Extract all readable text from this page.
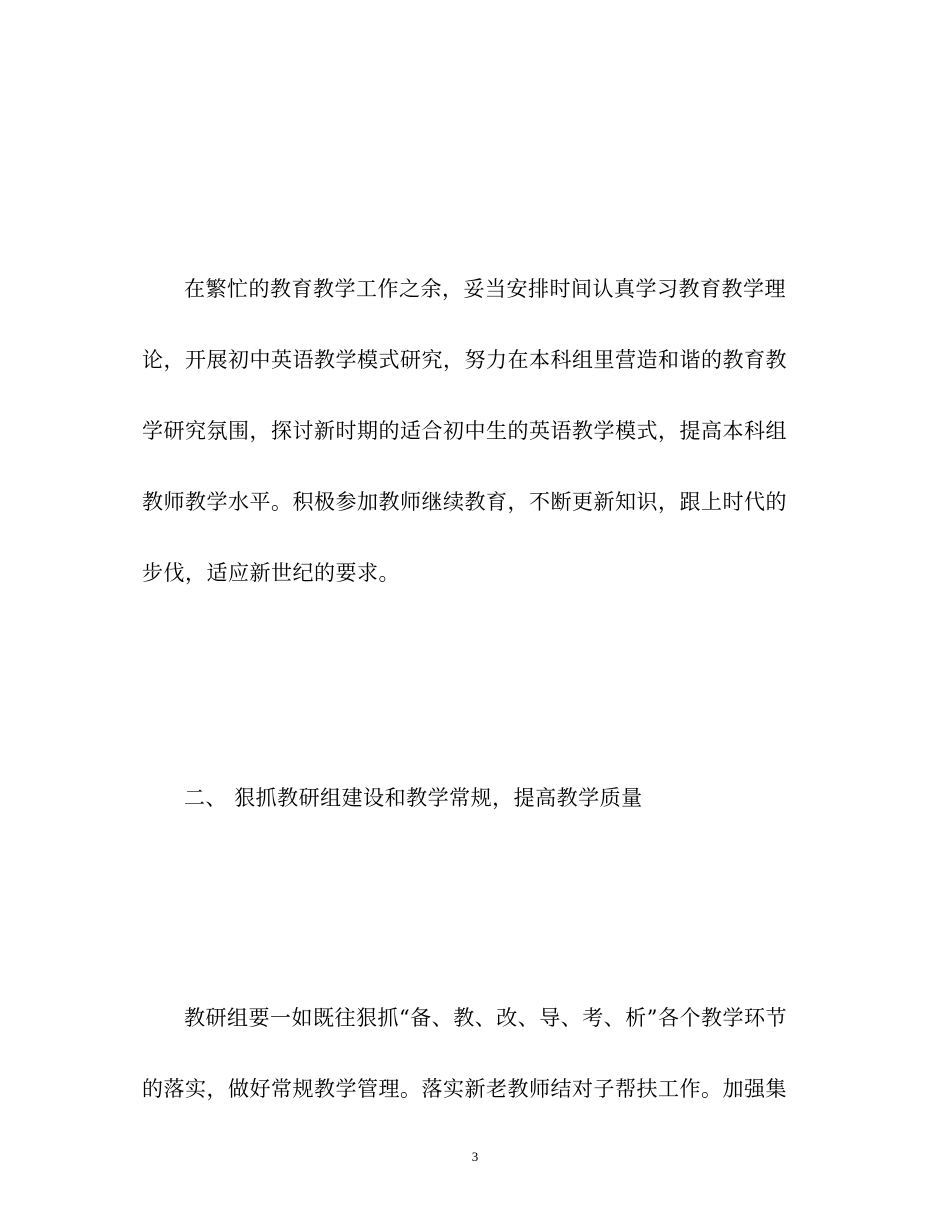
在繁忙的教育教学工作之余，妥当安排时间认真学习教育教学理
论，开展初中英语教学模式研究，努力在本科组里营造和谐的教育教
学研究氛围，探讨新时期的适合初中生的英语教学模式，提高本科组
教师教学水平。积极参加教师继续教育，不断更新知识，跟上时代的
步伐，适应新世纪的要求。
二、 狠抓教研组建设和教学常规，提高教学质量
教研组要一如既往狠抓“备、教、改、导、考、析”各个教学环节
的落实，做好常规教学管理。落实新老教师结对子帮扶工作。加强集
3
